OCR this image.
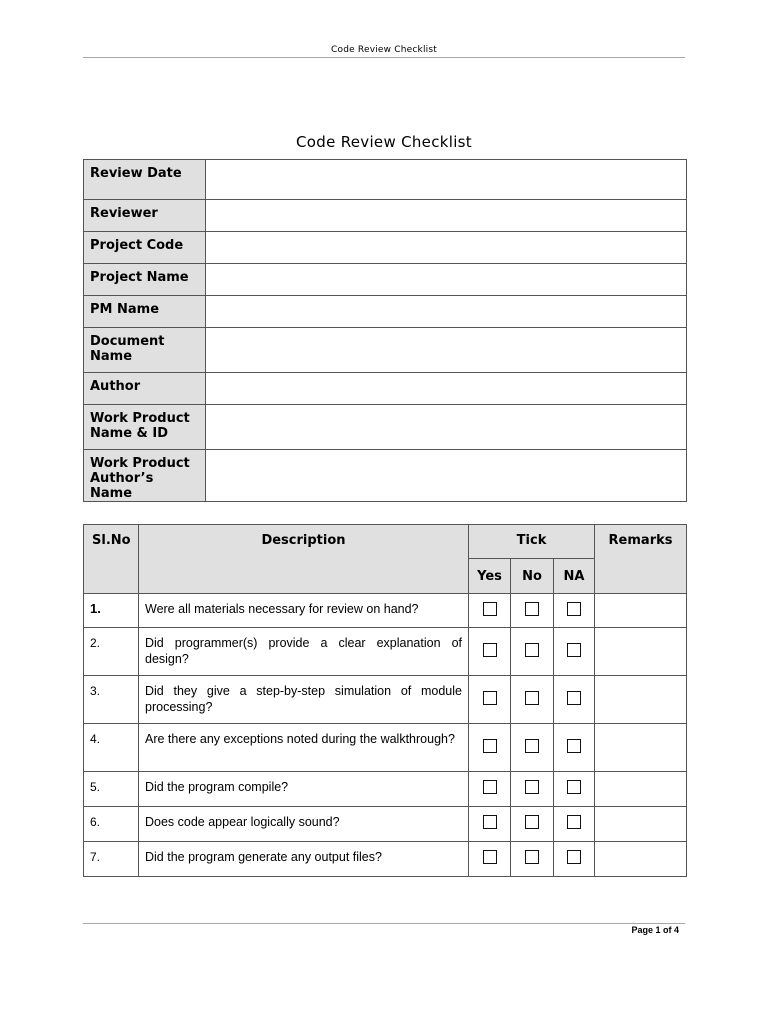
Code Review Checklist
Code Review Checklist
Review Date	
Reviewer	
Project Code	
Project Name	
PM Name	
Document Name	
Author	
Work Product Name & ID	
Work Product Author’s Name	
Sl.No	Description	Tick			Remarks
		Yes	No	NA	
1.	Were all materials necessary for review on hand?				
2.	Did programmer(s) provide a clear explanation of design?				
3.	Did they give a step-by-step simulation of module processing?				
4.	Are there any exceptions noted during the walkthrough?				
5.	Did the program compile?				
6.	Does code appear logically sound?				
7.	Did the program generate any output files?				
Page 1 of 4
